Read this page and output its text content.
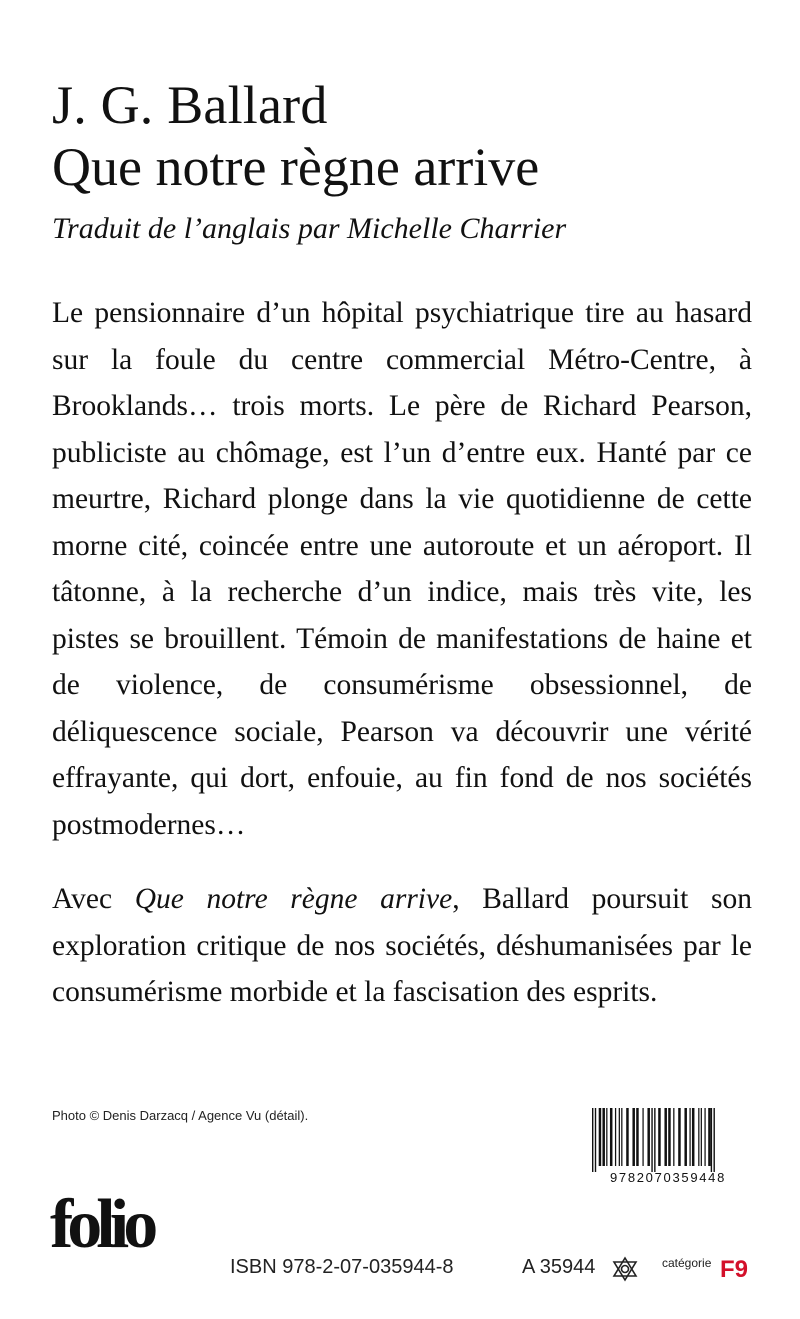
J. G. Ballard
Que notre règne arrive
Traduit de l’anglais par Michelle Charrier

Le pensionnaire d’un hôpital psychiatrique tire au hasard sur la foule du centre commercial Métro-Centre, à Brooklands… trois morts. Le père de Richard Pearson, publiciste au chômage, est l’un d’entre eux. Hanté par ce meurtre, Richard plonge dans la vie quotidienne de cette morne cité, coincée entre une autoroute et un aéroport. Il tâtonne, à la recherche d’un indice, mais très vite, les pistes se brouillent. Témoin de manifestations de haine et de violence, de consumérisme obsessionnel, de déliquescence sociale, Pearson va découvrir une vérité effrayante, qui dort, enfouie, au fin fond de nos sociétés postmodernes…

Avec Que notre règne arrive, Ballard poursuit son exploration critique de nos sociétés, déshumanisées par le consumérisme morbide et la fascisation des esprits.

Photo © Denis Darzacq / Agence Vu (détail).
9782070359448
folio
ISBN 978-2-07-035944-8	A 35944	catégorie F9
